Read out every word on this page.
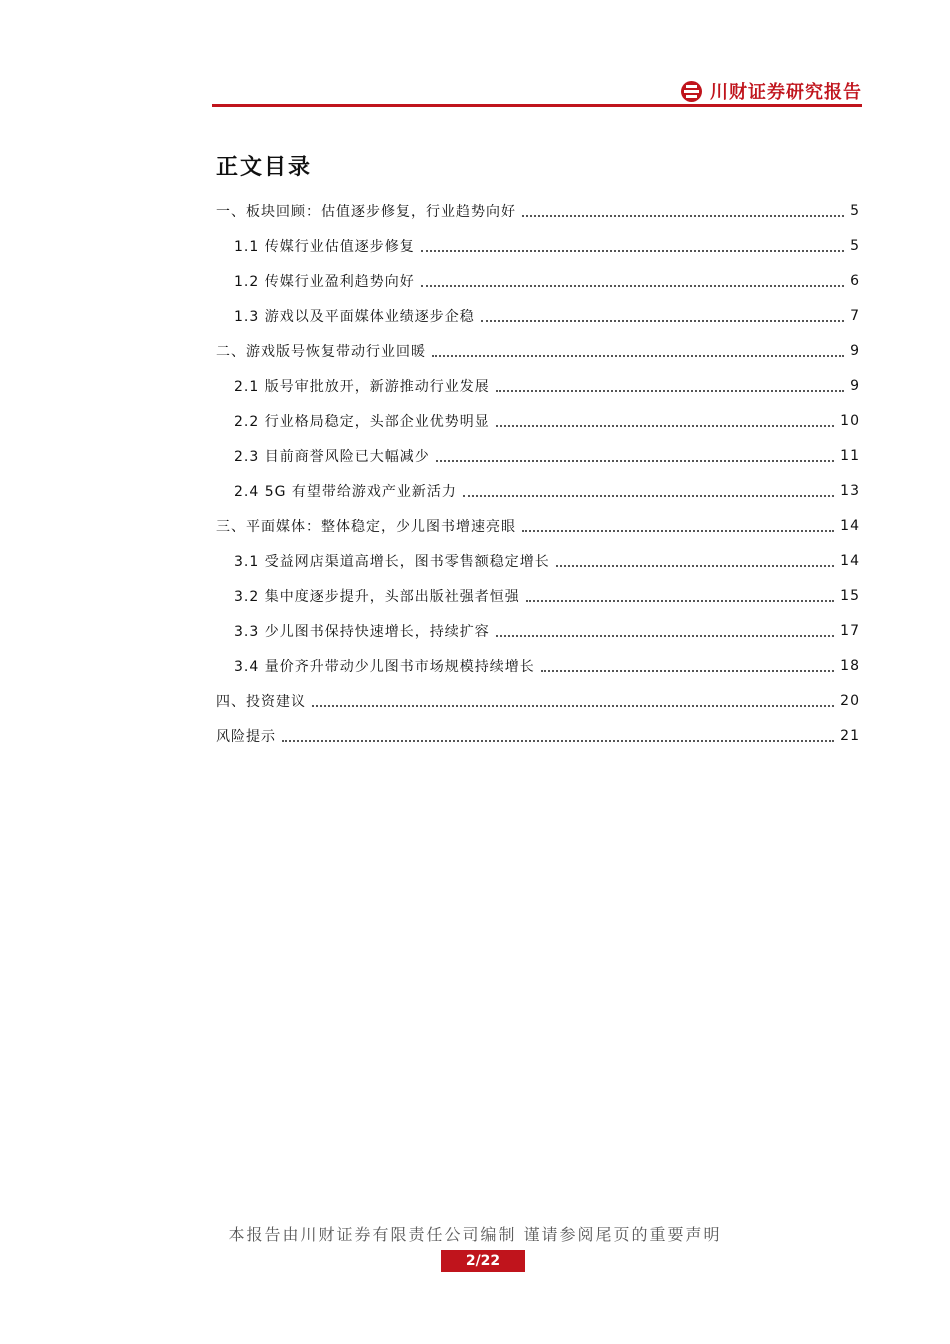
川财证券研究报告
正文目录
一、板块回顾：估值逐步修复，行业趋势向好	5
1.1 传媒行业估值逐步修复	5
1.2 传媒行业盈利趋势向好	6
1.3 游戏以及平面媒体业绩逐步企稳	7
二、游戏版号恢复带动行业回暖	9
2.1 版号审批放开，新游推动行业发展	9
2.2 行业格局稳定，头部企业优势明显	10
2.3 目前商誉风险已大幅减少	11
2.4 5G 有望带给游戏产业新活力	13
三、平面媒体：整体稳定，少儿图书增速亮眼	14
3.1 受益网店渠道高增长，图书零售额稳定增长	14
3.2 集中度逐步提升，头部出版社强者恒强	15
3.3 少儿图书保持快速增长，持续扩容	17
3.4 量价齐升带动少儿图书市场规模持续增长	18
四、投资建议	20
风险提示	21
本报告由川财证券有限责任公司编制 谨请参阅尾页的重要声明
2/22
